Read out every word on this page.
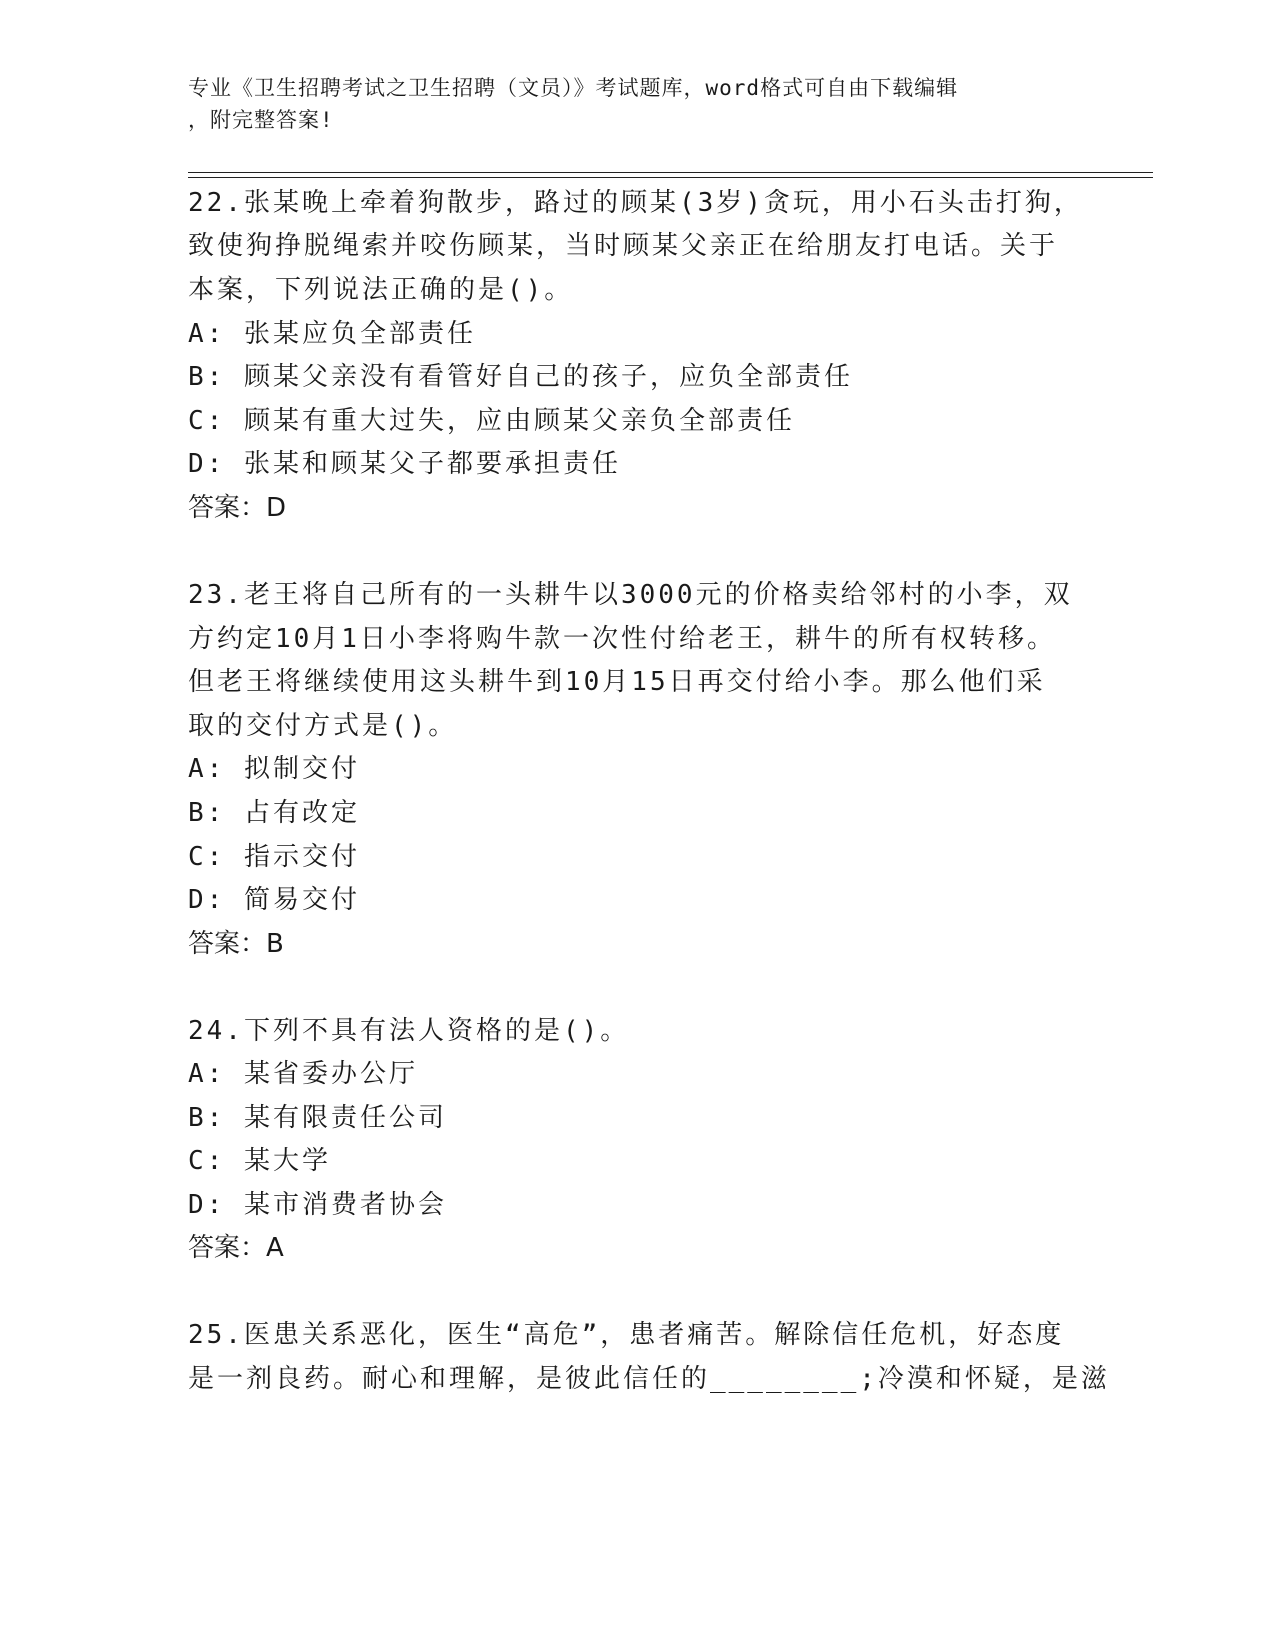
专业《卫生招聘考试之卫生招聘（文员）》考试题库，word格式可自由下载编辑
，附完整答案!
22.张某晚上牵着狗散步，路过的顾某(3岁)贪玩，用小石头击打狗，
致使狗挣脱绳索并咬伤顾某，当时顾某父亲正在给朋友打电话。关于
本案，下列说法正确的是()。
A: 张某应负全部责任
B: 顾某父亲没有看管好自己的孩子，应负全部责任
C: 顾某有重大过失，应由顾某父亲负全部责任
D: 张某和顾某父子都要承担责任
答案：D
23.老王将自己所有的一头耕牛以3000元的价格卖给邻村的小李，双
方约定10月1日小李将购牛款一次性付给老王，耕牛的所有权转移。
但老王将继续使用这头耕牛到10月15日再交付给小李。那么他们采
取的交付方式是()。
A: 拟制交付
B: 占有改定
C: 指示交付
D: 简易交付
答案：B
24.下列不具有法人资格的是()。
A: 某省委办公厅
B: 某有限责任公司
C: 某大学
D: 某市消费者协会
答案：A
25.医患关系恶化，医生“高危”，患者痛苦。解除信任危机，好态度
是一剂良药。耐心和理解，是彼此信任的________;冷漠和怀疑，是滋
